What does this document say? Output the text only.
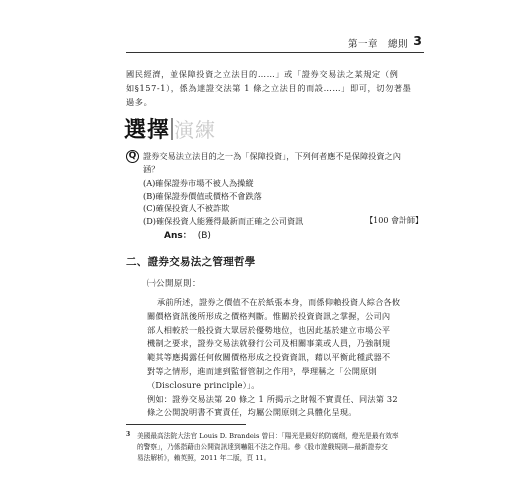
第一章　總則 3
國民經濟，並保障投資之立法目的……」或「證券交易法之某規定（例
如§157-1），係為達證交法第 1 條之立法目的而設……」即可，切勿著墨
過多。
選擇 演練
Q 證券交易法立法目的之一為「保障投資」，下列何者應不是保障投資之內
涵？
(A)確保證券市場不被人為操縱
(B)確保證券價值或價格不會跌落
(C)確保投資人不被詐欺
(D)確保投資人能獲得最新而正確之公司資訊	【100 會計師】
Ans： (B)
二、證券交易法之管理哲學
㈠公開原則：
承前所述，證券之價值不在於紙張本身，而係仰賴投資人綜合各攸
關價格資訊後所形成之價格判斷。惟關於投資資訊之掌握，公司內
部人相較於一般投資大眾居於優勢地位，也因此基於建立市場公平
機制之要求，證券交易法就發行公司及相關事業或人員，乃強制規
範其等應揭露任何攸關價格形成之投資資訊，藉以平衡此種武器不
對等之情形，進而達到監督管制之作用³，學理稱之「公開原則
（Disclosure principle）」。
例如：證券交易法第 20 條之 1 所揭示之財報不實責任、同法第 32
條之公開說明書不實責任，均屬公開原則之具體化呈現。
3 美國最高法院大法官 Louis D. Brandeis 曾曰：「陽光是最好的防腐劑，燈光是最有效率
的警察」，乃係指藉由公開資訊達到嚇阻不法之作用。參《股市遊戲規則—最新證券交
易法解析》，賴英照，2011 年二版，頁 11。
